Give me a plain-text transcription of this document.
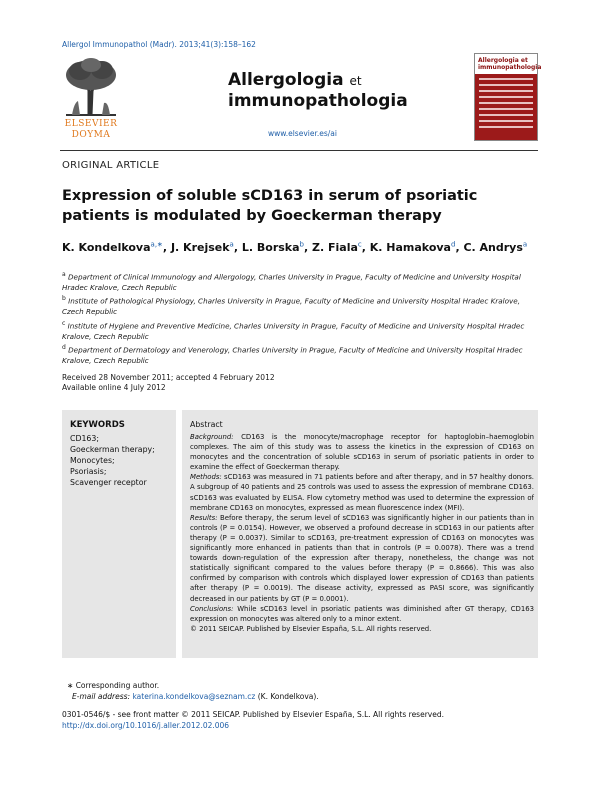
Allergol Immunopathol (Madr). 2013;41(3):158–162
ELSEVIER
DOYMA
Allergologia et
immunopathologia
www.elsevier.es/ai
Allergologia et
immunopathologia
ORIGINAL ARTICLE
Expression of soluble sCD163 in serum of psoriatic patients is modulated by Goeckerman therapy
K. Kondelkova$^{a,∗}$, J. Krejsek$^a$, L. Borska$^b$, Z. Fiala$^c$, K. Hamakova$^d$, C. Andrys$^a$

$^a$ Department of Clinical Immunology and Allergology, Charles University in Prague, Faculty of Medicine and University Hospital Hradec Kralove, Czech Republic

$^b$ Institute of Pathological Physiology, Charles University in Prague, Faculty of Medicine and University Hospital Hradec Kralove, Czech Republic

$^c$ Institute of Hygiene and Preventive Medicine, Charles University in Prague, Faculty of Medicine and University Hospital Hradec Kralove, Czech Republic

$^d$ Department of Dermatology and Venerology, Charles University in Prague, Faculty of Medicine and University Hospital Hradec Kralove, Czech Republic

Received 28 November 2011; accepted 4 February 2012
Available online 4 July 2012
KEYWORDS
CD163;
Goeckerman therapy;
Monocytes;
Psoriasis;
Scavenger receptor
Abstract

Background: CD163 is the monocyte/macrophage receptor for haptoglobin–haemoglobin complexes. The aim of this study was to assess the kinetics in the expression of CD163 on monocytes and the concentration of soluble sCD163 in serum of psoriatic patients in order to examine the effect of Goeckerman therapy.

Methods: sCD163 was measured in 71 patients before and after therapy, and in 57 healthy donors. A subgroup of 40 patients and 25 controls was used to assess the expression of membrane CD163. sCD163 was evaluated by ELISA. Flow cytometry method was used to determine the expression of membrane CD163 on monocytes, expressed as mean fluorescence index (MFI).

Results: Before therapy, the serum level of sCD163 was significantly higher in our patients than in controls (P = 0.0154). However, we observed a profound decrease in sCD163 in our patients after therapy (P = 0.0037). Similar to sCD163, pre-treatment expression of CD163 on monocytes was significantly more enhanced in patients than that in controls (P = 0.0078). There was a trend towards down-regulation of the expression after therapy, nonetheless, the change was not statistically significant compared to the values before therapy (P = 0.8666). This was also confirmed by comparison with controls which displayed lower expression of CD163 than patients after therapy (P = 0.0019). The disease activity, expressed as PASI score, was significantly decreased in our patients by GT (P = 0.0001).

Conclusions: While sCD163 level in psoriatic patients was diminished after GT therapy, CD163 expression on monocytes was altered only to a minor extent.

© 2011 SEICAP. Published by Elsevier España, S.L. All rights reserved.

∗ Corresponding author.
E-mail address: katerina.kondelkova@seznam.cz (K. Kondelkova).
0301-0546/$ - see front matter © 2011 SEICAP. Published by Elsevier España, S.L. All rights reserved.
http://dx.doi.org/10.1016/j.aller.2012.02.006
